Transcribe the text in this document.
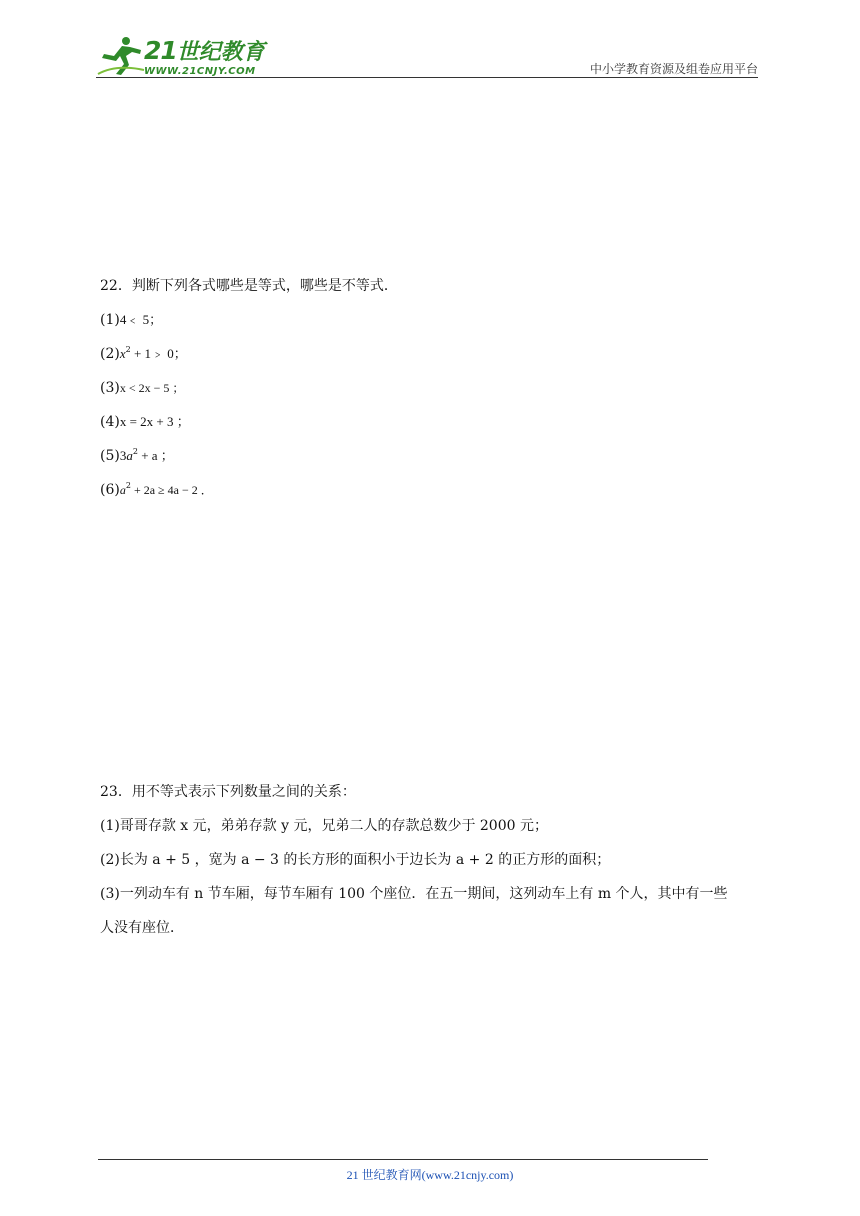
21世纪教育
WWW.21CNJY.COM	中小学教育资源及组卷应用平台
22．判断下列各式哪些是等式，哪些是不等式．
(1)4﹤ 5；
$(2)x^2$ + 1﹥ 0；
(3)x < 2x − 5 ；
(4)x = 2x + 3 ；
$(5)3a^2 + a$ ；
$(6)a^2 + 2a \ge 4a - 2$ ．
23．用不等式表示下列数量之间的关系：
(1)哥哥存款 x 元，弟弟存款 y 元，兄弟二人的存款总数少于 2000 元；
(2)长为 a + 5 ，宽为 a − 3 的长方形的面积小于边长为 a + 2 的正方形的面积；
(3)一列动车有 n 节车厢，每节车厢有 100 个座位．在五一期间，这列动车上有 m 个人，其中有一些
人没有座位．
21 世纪教育网(www.21cnjy.com)
